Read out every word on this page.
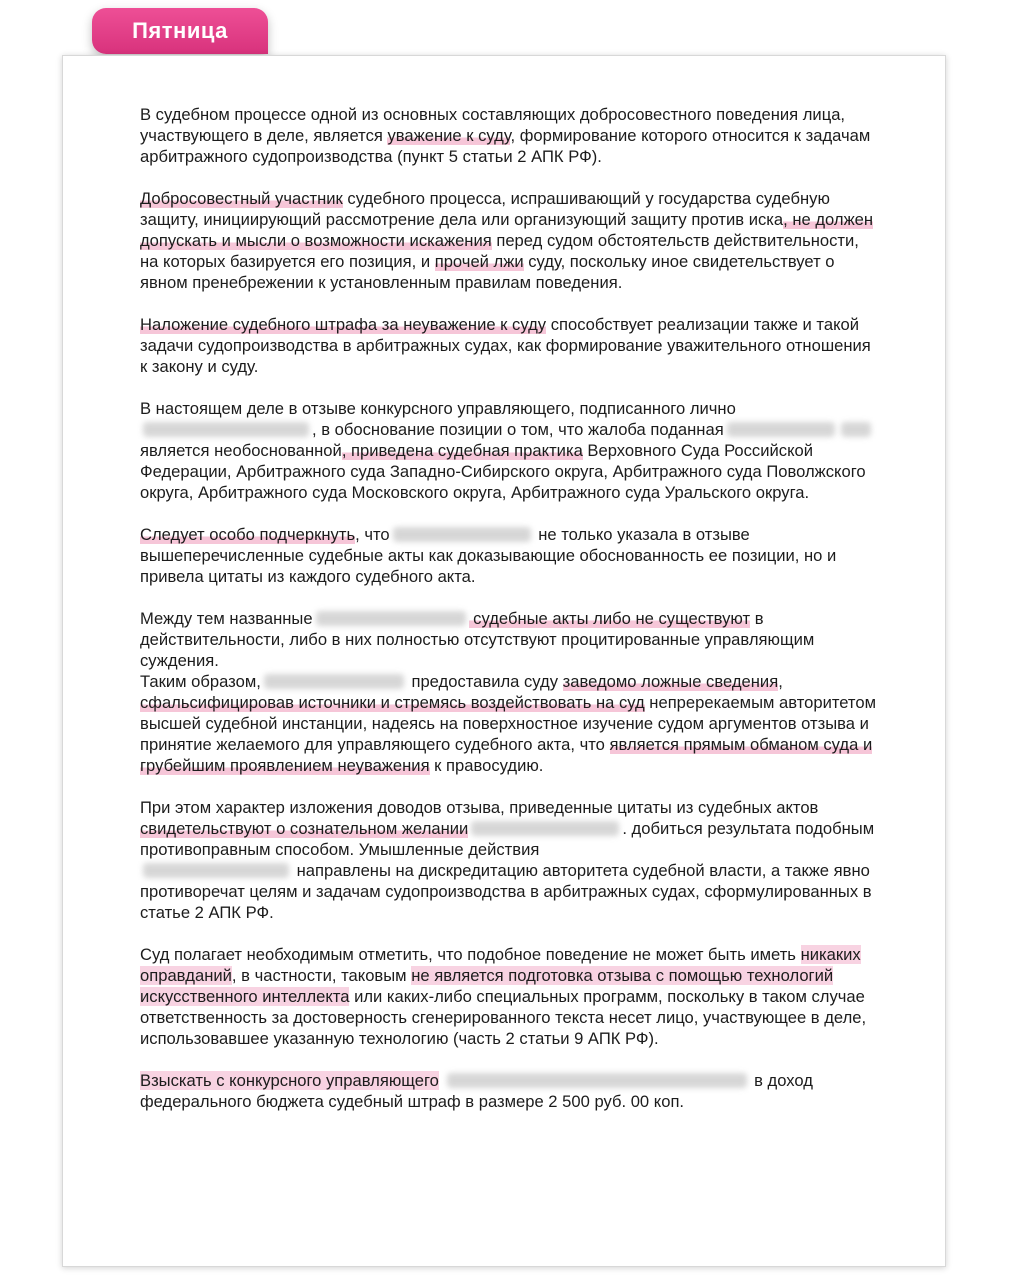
Пятница

В судебном процессе одной из основных составляющих добросовестного поведения лица, участвующего в деле, является уважение к суду, формирование которого относится к задачам арбитражного судопроизводства (пункт 5 статьи 2 АПК РФ).

Добросовестный участник судебного процесса, испрашивающий у государства судебную защиту, инициирующий рассмотрение дела или организующий защиту против иска, не должен допускать и мысли о возможности искажения перед судом обстоятельств действительности, на которых базируется его позиция, и прочей лжи суду, поскольку иное свидетельствует о явном пренебрежении к установленным правилам поведения.

Наложение судебного штрафа за неуважение к суду способствует реализации также и такой задачи судопроизводства в арбитражных судах, как формирование уважительного отношения к закону и суду.

В настоящем деле в отзыве конкурсного управляющего, подписанного лично
, в обоснование позиции о том, что жалоба поданная является необоснованной, приведена судебная практика Верховного Суда Российской Федерации, Арбитражного суда Западно-Сибирского округа, Арбитражного суда Поволжского округа, Арбитражного суда Московского округа, Арбитражного суда Уральского округа.

Следует особо подчеркнуть, что	не только указала в отзыве вышеперечисленные судебные акты как доказывающие обоснованность ее позиции, но и привела цитаты из каждого судебного акта.

Между тем названные	судебные акты либо не существуют в действительности, либо в них полностью отсутствуют процитированные управляющим суждения.

Таким образом,	предоставила суду заведомо ложные сведения, сфальсифицировав источники и стремясь воздействовать на суд непререкаемым авторитетом высшей судебной инстанции, надеясь на поверхностное изучение судом аргументов отзыва и принятие желаемого для управляющего судебного акта, что является прямым обманом суда и грубейшим проявлением неуважения к правосудию.

При этом характер изложения доводов отзыва, приведенные цитаты из судебных актов свидетельствуют о сознательном желании	. добиться результата подобным противоправным способом. Умышленные действия
направлены на дискредитацию авторитета судебной власти, а также явно противоречат целям и задачам судопроизводства в арбитражных судах, сформулированных в статье 2 АПК РФ.

Суд полагает необходимым отметить, что подобное поведение не может быть иметь никаких оправданий, в частности, таковым не является подготовка отзыва с помощью технологий искусственного интеллекта или каких-либо специальных программ, поскольку в таком случае ответственность за достоверность сгенерированного текста несет лицо, участвующее в деле, использовавшее указанную технологию (часть 2 статьи 9 АПК РФ).

Взыскать с конкурсного управляющего	в доход федерального бюджета судебный штраф в размере 2 500 руб. 00 коп.
